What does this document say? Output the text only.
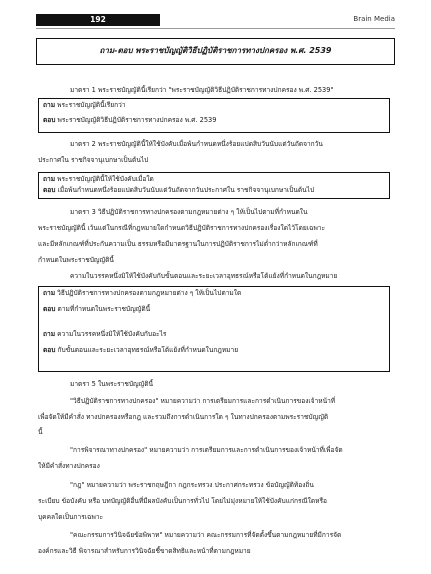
192	Brain Media
ถาม-ตอบ พระราชบัญญัติวิธีปฏิบัติราชการทางปกครอง พ.ศ. 2539
มาตรา 1 พระราชบัญญัตินี้เรียกว่า "พระราชบัญญัติวิธีปฏิบัติราชการทางปกครอง พ.ศ. 2539"
ถาม พระราชบัญญัตินี้เรียกว่า
ตอบ พระราชบัญญัติวิธีปฏิบัติราชการทางปกครอง พ.ศ. 2539
มาตรา 2 พระราชบัญญัตินี้ให้ใช้บังคับเมื่อพ้นกำหนดหนึ่งร้อยแปดสิบวันนับแต่วันถัดจากวัน
ประกาศใน ราชกิจจานุเบกษาเป็นต้นไป
ถาม พระราชบัญญัตินี้ให้ใช้บังคับเมื่อใด
ตอบ เมื่อพ้นกำหนดหนึ่งร้อยแปดสิบวันนับแต่วันถัดจากวันประกาศใน ราชกิจจานุเบกษาเป็นต้นไป
มาตรา 3 วิธีปฏิบัติราชการทางปกครองตามกฎหมายต่าง ๆ ให้เป็นไปตามที่กำหนดใน
พระราชบัญญัตินี้ เว้นแต่ในกรณีที่กฎหมายใดกำหนดวิธีปฏิบัติราชการทางปกครองเรื่องใดไว้โดยเฉพาะ
และมีหลักเกณฑ์ที่ประกันความเป็น ธรรมหรือมีมาตรฐานในการปฏิบัติราชการไม่ต่ำกว่าหลักเกณฑ์ที่
กำหนดในพระราชบัญญัตินี้
ความในวรรคหนึ่งมิให้ใช้บังคับกับขั้นตอนและระยะเวลาอุทธรณ์หรือโต้แย้งที่กำหนดในกฎหมาย
ถาม วิธีปฏิบัติราชการทางปกครองตามกฎหมายต่าง ๆ ให้เป็นไปตามใด
ตอบ ตามที่กำหนดในพระราชบัญญัตินี้
ถาม ความในวรรคหนึ่งมิให้ใช้บังคับกับอะไร
ตอบ กับขั้นตอนและระยะเวลาอุทธรณ์หรือโต้แย้งที่กำหนดในกฎหมาย
มาตรา 5 ในพระราชบัญญัตินี้
"วิธีปฏิบัติราชการทางปกครอง" หมายความว่า การเตรียมการและการดำเนินการของเจ้าหน้าที่
เพื่อจัดให้มีคำสั่ง ทางปกครองหรือกฎ และรวมถึงการดำเนินการใด ๆ ในทางปกครองตามพระราชบัญญัติ
นี้
"การพิจารณาทางปกครอง" หมายความว่า การเตรียมการและการดำเนินการของเจ้าหน้าที่เพื่อจัด
ให้มีคำสั่งทางปกครอง
"กฎ" หมายความว่า พระราชกฤษฎีกา กฎกระทรวง ประกาศกระทรวง ข้อบัญญัติท้องถิ่น
ระเบียบ ข้อบังคับ หรือ บทบัญญัติอื่นที่มีผลบังคับเป็นการทั่วไป โดยไม่มุ่งหมายให้ใช้บังคับแก่กรณีใดหรือ
บุคคลใดเป็นการเฉพาะ
"คณะกรรมการวินิจฉัยข้อพิพาท" หมายความว่า คณะกรรมการที่จัดตั้งขึ้นตามกฎหมายที่มีการจัด
องค์กรและวิธี พิจารณาสำหรับการวินิจฉัยชี้ขาดสิทธิและหน้าที่ตามกฎหมาย
